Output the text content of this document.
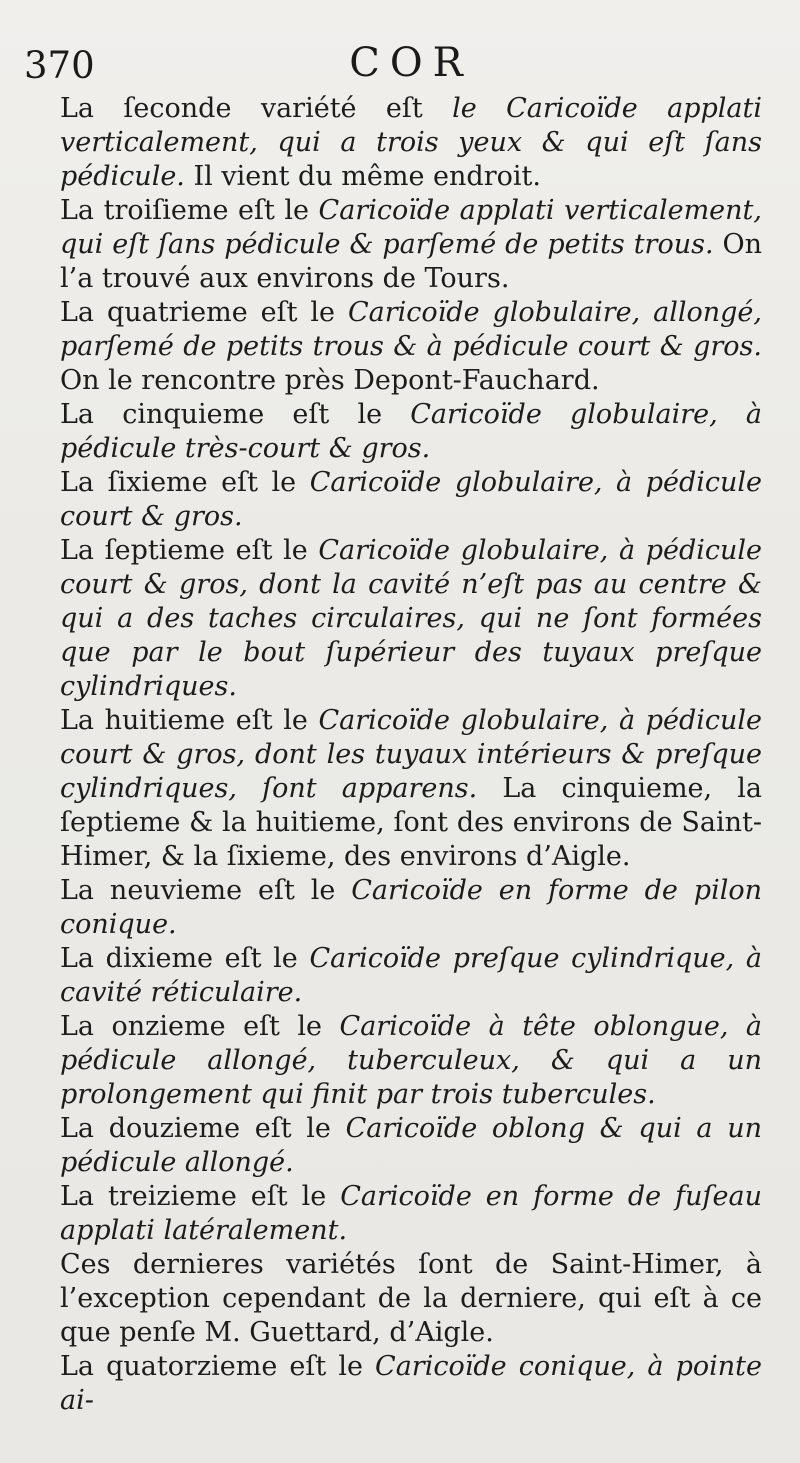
370	COR

La ſeconde variété eſt le Caricoïde applati verticalement, qui a trois yeux & qui eſt ſans pédicule. Il vient du même endroit.

La troiſieme eſt le Caricoïde applati verticalement, qui eſt ſans pédicule & parſemé de petits trous. On l’a trouvé aux environs de Tours.

La quatrieme eſt le Caricoïde globulaire, allongé, parſemé de petits trous & à pédicule court & gros. On le rencontre près Depont-Fauchard.

La cinquieme eſt le Caricoïde globulaire, à pédicule très-court & gros.

La ſixieme eſt le Caricoïde globulaire, à pédicule court & gros.

La ſeptieme eſt le Caricoïde globulaire, à pédicule court & gros, dont la cavité n’eſt pas au centre & qui a des taches circulaires, qui ne ſont formées que par le bout ſupérieur des tuyaux preſque cylindriques.

La huitieme eſt le Caricoïde globulaire, à pédicule court & gros, dont les tuyaux intérieurs & preſque cylindriques, ſont apparens. La cinquieme, la ſeptieme & la huitieme, ſont des environs de Saint-Himer, & la ſixieme, des environs d’Aigle.

La neuvieme eſt le Caricoïde en forme de pilon conique.

La dixieme eſt le Caricoïde preſque cylindrique, à cavité réticulaire.

La onzieme eſt le Caricoïde à tête oblongue, à pédicule allongé, tuberculeux, & qui a un prolongement qui finit par trois tubercules.

La douzieme eſt le Caricoïde oblong & qui a un pédicule allongé.

La treizieme eſt le Caricoïde en forme de fuſeau applati latéralement.

Ces dernieres variétés ſont de Saint-Himer, à l’exception cependant de la derniere, qui eſt à ce que penſe M. Guettard, d’Aigle.

La quatorzieme eſt le Caricoïde conique, à pointe ai-
